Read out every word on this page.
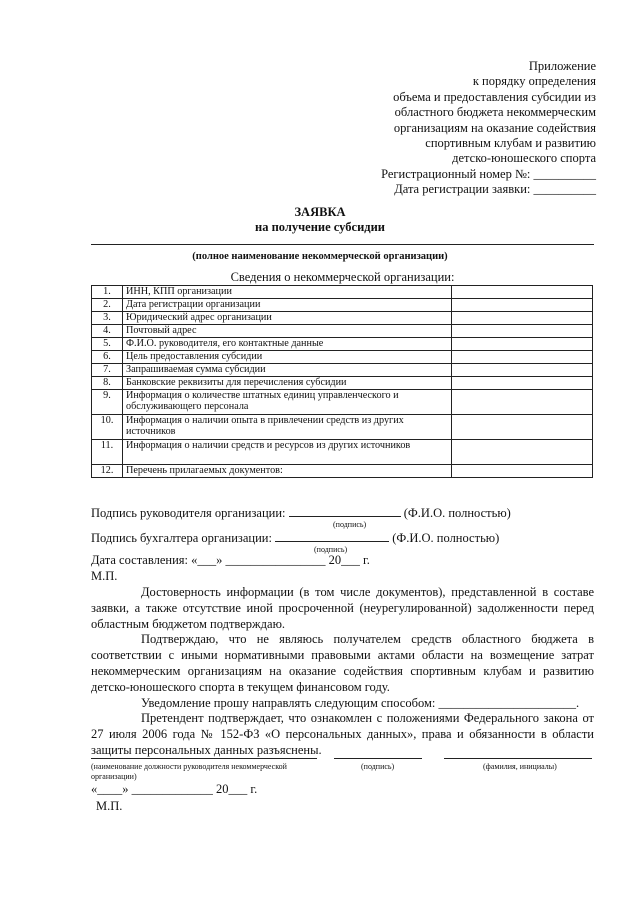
Приложение
к порядку определения
объема и предоставления субсидии из
областного бюджета некоммерческим
организациям на оказание содействия
спортивным клубам и развитию
детско-юношеского спорта
Регистрационный номер №: __________
Дата регистрации заявки: __________
ЗАЯВКА
на получение субсидии
(полное наименование некоммерческой организации)
Сведения о некоммерческой организации:
1.	ИНН, КПП организации	
2.	Дата регистрации организации	
3.	Юридический адрес организации	
4.	Почтовый адрес	
5.	Ф.И.О. руководителя, его контактные данные	
6.	Цель предоставления субсидии	
7.	Запрашиваемая сумма субсидии	
8.	Банковские реквизиты для перечисления субсидии	
9.	Информация о количестве штатных единиц управленческого и обслуживающего персонала	
10.	Информация о наличии опыта в привлечении средств из других источников	
11.	Информация о наличии средств и ресурсов из других источников	
12.	Перечень прилагаемых документов:	
Подпись руководителя организации:	(Ф.И.О. полностью)
(подпись)
Подпись бухгалтера организации:	(Ф.И.О. полностью)
(подпись)
Дата составления: «___» ________________ 20___ г.
М.П.

Достоверность информации (в том числе документов), представленной в составе заявки, а также отсутствие иной просроченной (неурегулированной) задолженности перед областным бюджетом подтверждаю.

Подтверждаю, что не являюсь получателем средств областного бюджета в соответствии с иными нормативными правовыми актами области на возмещение затрат некоммерческим организациям на оказание содействия спортивным клубам и развитию детско-юношеского спорта в текущем финансовом году.

Уведомление прошу направлять следующим способом: ______________________.

Претендент подтверждает, что ознакомлен с положениями Федерального закона от 27 июля 2006 года № 152-ФЗ «О персональных данных», права и обязанности в области защиты персональных данных разъяснены.

(наименование должности руководителя некоммерческой организации)
(подпись)	(фамилия, инициалы)
«____» _____________ 20___ г.
М.П.
